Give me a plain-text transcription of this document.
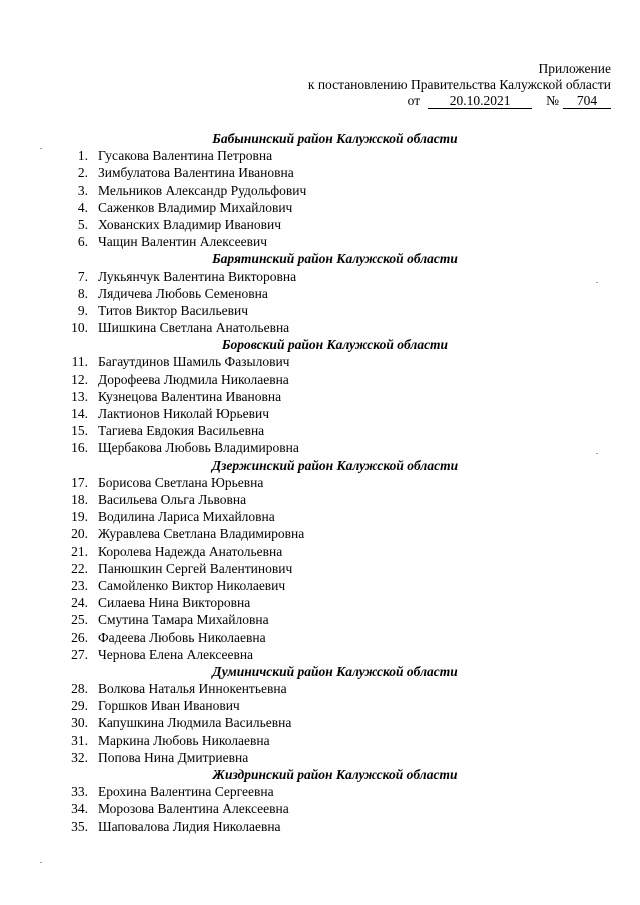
Приложение
к постановлению Правительства Калужской области
от 20.10.2021	№ 704
Бабынинский район Калужской области
1. Гусакова Валентина Петровна
2. Зимбулатова Валентина Ивановна
3. Мельников Александр Рудольфович
4. Саженков Владимир Михайлович
5. Хованских Владимир Иванович
6. Чащин Валентин Алексеевич
Барятинский район Калужской области
7. Лукьянчук Валентина Викторовна
8. Лядичева Любовь Семеновна
9. Титов Виктор Васильевич
10. Шишкина Светлана Анатольевна
Боровский район Калужской области
11. Багаутдинов Шамиль Фазылович
12. Дорофеева Людмила Николаевна
13. Кузнецова Валентина Ивановна
14. Лактионов Николай Юрьевич
15. Тагиева Евдокия Васильевна
16. Щербакова Любовь Владимировна
Дзержинский район Калужской области
17. Борисова Светлана Юрьевна
18. Васильева Ольга Львовна
19. Водилина Лариса Михайловна
20. Журавлева Светлана Владимировна
21. Королева Надежда Анатольевна
22. Панюшкин Сергей Валентинович
23. Самойленко Виктор Николаевич
24. Силаева Нина Викторовна
25. Смутина Тамара Михайловна
26. Фадеева Любовь Николаевна
27. Чернова Елена Алексеевна
Думиничский район Калужской области
28. Волкова Наталья Иннокентьевна
29. Горшков Иван Иванович
30. Капушкина Людмила Васильевна
31. Маркина Любовь Николаевна
32. Попова Нина Дмитриевна
Жиздринский район Калужской области
33. Ерохина Валентина Сергеевна
34. Морозова Валентина Алексеевна
35. Шаповалова Лидия Николаевна
